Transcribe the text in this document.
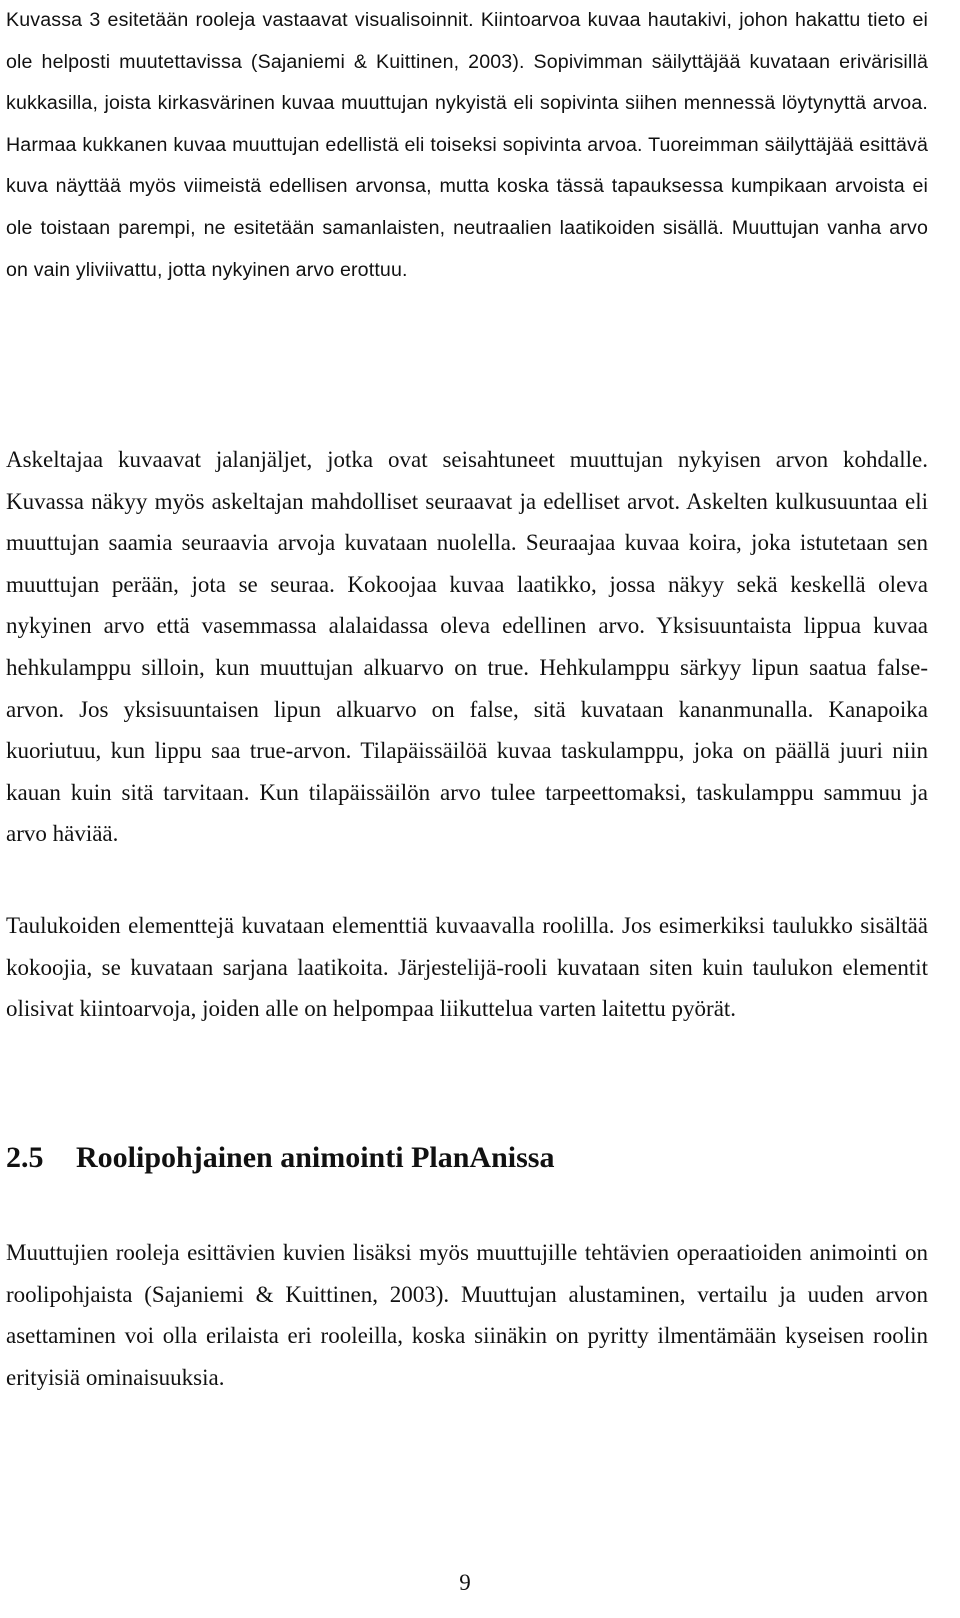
Kuvassa 3 esitetään rooleja vastaavat visualisoinnit. Kiintoarvoa kuvaa hautakivi, johon hakattu tieto ei ole helposti muutettavissa (Sajaniemi & Kuittinen, 2003). Sopivimman säilyttäjää kuvataan erivärisillä kukkasilla, joista kirkasvärinen kuvaa muuttujan nykyistä eli sopivinta siihen mennessä löytynyttä arvoa. Harmaa kukkanen kuvaa muuttujan edellistä eli toiseksi sopivinta arvoa. Tuoreimman säilyttäjää esittävä kuva näyttää myös viimeistä edellisen arvonsa, mutta koska tässä tapauksessa kumpikaan arvoista ei ole toistaan parempi, ne esitetään samanlaisten, neutraalien laatikoiden sisällä. Muuttujan vanha arvo on vain yliviivattu, jotta nykyinen arvo erottuu.

Askeltajaa kuvaavat jalanjäljet, jotka ovat seisahtuneet muuttujan nykyisen arvon kohdalle. Kuvassa näkyy myös askeltajan mahdolliset seuraavat ja edelliset arvot. Askelten kulkusuuntaa eli muuttujan saamia seuraavia arvoja kuvataan nuolella. Seuraajaa kuvaa koira, joka istutetaan sen muuttujan perään, jota se seuraa. Kokoojaa kuvaa laatikko, jossa näkyy sekä keskellä oleva nykyinen arvo että vasemmassa alalaidassa oleva edellinen arvo. Yksisuuntaista lippua kuvaa hehkulamppu silloin, kun muuttujan alkuarvo on true. Hehkulamppu särkyy lipun saatua false-arvon. Jos yksisuuntaisen lipun alkuarvo on false, sitä kuvataan kananmunalla. Kanapoika kuoriutuu, kun lippu saa true-arvon. Tilapäissäilöä kuvaa taskulamppu, joka on päällä juuri niin kauan kuin sitä tarvitaan. Kun tilapäissäilön arvo tulee tarpeettomaksi, taskulamppu sammuu ja arvo häviää.

Taulukoiden elementtejä kuvataan elementtiä kuvaavalla roolilla. Jos esimerkiksi taulukko sisältää kokoojia, se kuvataan sarjana laatikoita. Järjestelijä-rooli kuvataan siten kuin taulukon elementit olisivat kiintoarvoja, joiden alle on helpompaa liikuttelua varten laitettu pyörät.

2.5 Roolipohjainen animointi PlanAnissa

Muuttujien rooleja esittävien kuvien lisäksi myös muuttujille tehtävien operaatioiden animointi on roolipohjaista (Sajaniemi & Kuittinen, 2003). Muuttujan alustaminen, vertailu ja uuden arvon asettaminen voi olla erilaista eri rooleilla, koska siinäkin on pyritty ilmentämään kyseisen roolin erityisiä ominaisuuksia.

9
